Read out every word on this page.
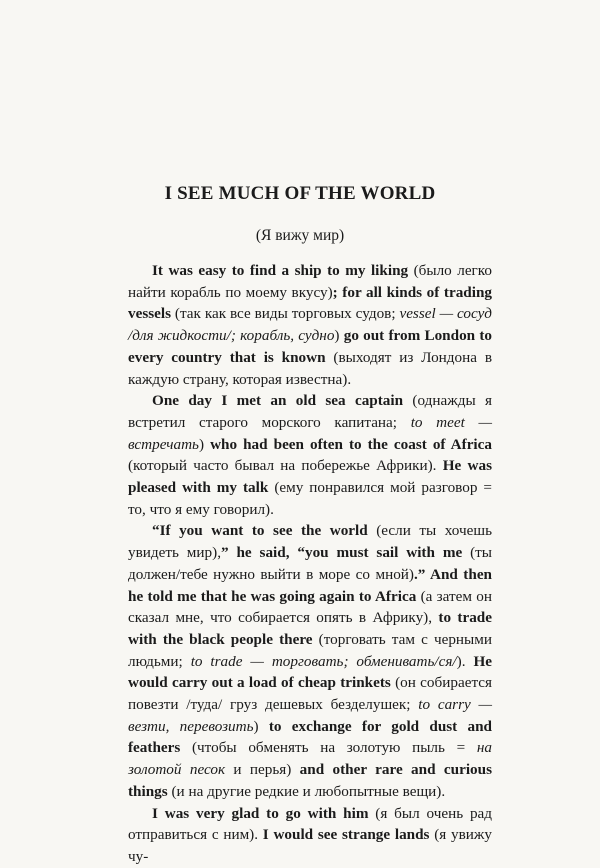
I SEE MUCH OF THE WORLD
(Я вижу мир)

It was easy to find a ship to my liking (было легко найти корабль по моему вкусу); for all kinds of trading vessels (так как все виды торговых судов; vessel — сосуд /для жидкости/; корабль, судно) go out from London to every country that is known (выходят из Лондона в каждую страну, которая известна).

One day I met an old sea captain (однажды я встретил старого морского капитана; to meet — встречать) who had been often to the coast of Africa (который часто бывал на побережье Африки). He was pleased with my talk (ему понравился мой разговор = то, что я ему говорил).

“If you want to see the world (если ты хочешь увидеть мир),” he said, “you must sail with me (ты должен/тебе нужно выйти в море со мной).” And then he told me that he was going again to Africa (а затем он сказал мне, что собирается опять в Африку), to trade with the black people there (торговать там с черными людьми; to trade — торговать; обменивать/ся/). He would carry out a load of cheap trinkets (он собирается повезти /туда/ груз дешевых безделушек; to carry — везти, перевозить) to exchange for gold dust and feathers (чтобы обменять на золотую пыль = на золотой песок и перья) and other rare and curious things (и на другие редкие и любопытные вещи).

I was very glad to go with him (я был очень рад отправиться с ним). I would see strange lands (я увижу чу-
